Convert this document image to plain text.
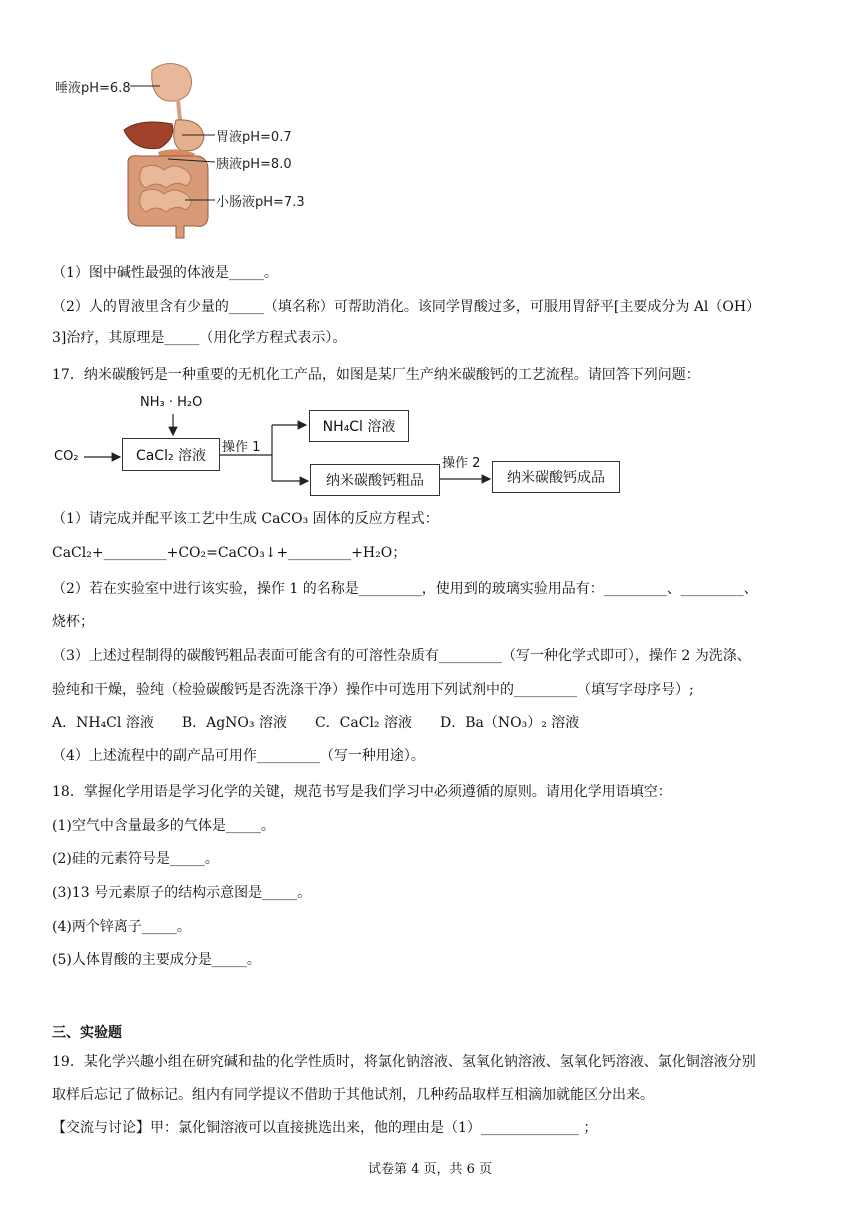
唾液pH=6.8
胃液pH=0.7
胰液pH=8.0
小肠液pH=7.3
（1）图中碱性最强的体液是_____。
（2）人的胃液里含有少量的_____（填名称）可帮助消化。该同学胃酸过多，可服用胃舒平[主要成分为 Al（OH）
3]治疗，其原理是_____（用化学方程式表示）。
17．纳米碳酸钙是一种重要的无机化工产品，如图是某厂生产纳米碳酸钙的工艺流程。请回答下列问题：
NH₃ · H₂O
CO₂	CaCl₂ 溶液	操作 1
NH₄Cl 溶液
纳米碳酸钙粗品
操作 2
纳米碳酸钙成品
（1）请完成并配平该工艺中生成 CaCO₃ 固体的反应方程式：
CaCl₂+_________+CO₂=CaCO₃↓+_________+H₂O；
（2）若在实验室中进行该实验，操作 1 的名称是_________，使用到的玻璃实验用品有：_________、_________、
烧杯；
（3）上述过程制得的碳酸钙粗品表面可能含有的可溶性杂质有_________（写一种化学式即可），操作 2 为洗涤、
验纯和干燥，验纯（检验碳酸钙是否洗涤干净）操作中可选用下列试剂中的_________（填写字母序号）;
A．NH₄Cl 溶液　　B．AgNO₃ 溶液　　C．CaCl₂ 溶液　　D．Ba（NO₃）₂ 溶液
（4）上述流程中的副产品可用作_________（写一种用途）。
18．掌握化学用语是学习化学的关键，规范书写是我们学习中必须遵循的原则。请用化学用语填空：
(1)空气中含量最多的气体是_____。
(2)硅的元素符号是_____。
(3)13 号元素原子的结构示意图是_____。
(4)两个锌离子_____。
(5)人体胃酸的主要成分是_____。
三、实验题
19．某化学兴趣小组在研究碱和盐的化学性质时，将氯化钠溶液、氢氧化钠溶液、氢氧化钙溶液、氯化铜溶液分别
取样后忘记了做标记。组内有同学提议不借助于其他试剂，几种药品取样互相滴加就能区分出来。
【交流与讨论】甲：氯化铜溶液可以直接挑选出来，他的理由是（1）______________ ；
试卷第 4 页，共 6 页
